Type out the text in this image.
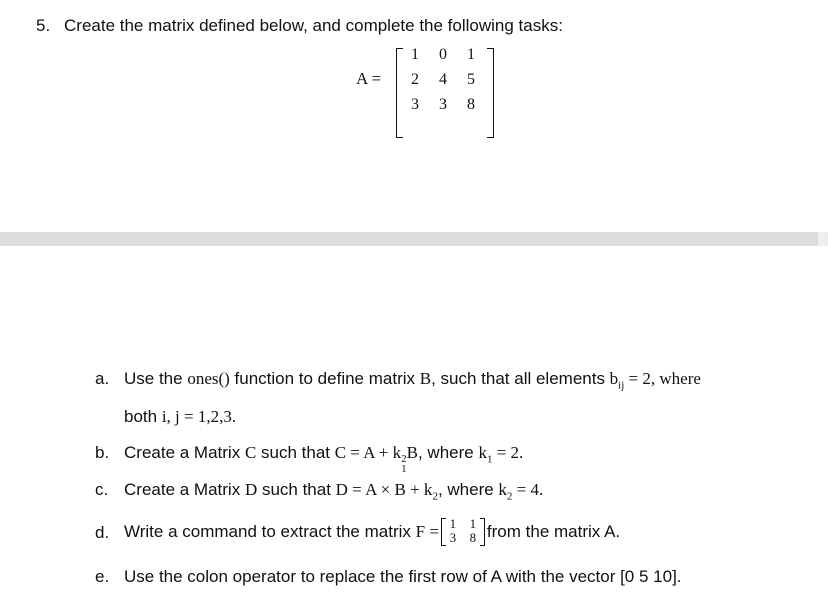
5. Create the matrix defined below, and complete the following tasks:
A =
1	0	1
2	4	5
3	3	8
a. Use the ones() function to define matrix B, such that all elements $b_{ij} = 2$, where
both i, j = 1,2,3.
b. Create a Matrix C such that C = A + k 2
1
B, where $k_1 = 2$.
c. Create a Matrix D such that $D = A \times B + k_2$, where $k_2 = 4$.
d. Write a command to extract the matrix F = 1 1
3 8 from the matrix A.
e. Use the colon operator to replace the first row of A with the vector [0 5 10].
